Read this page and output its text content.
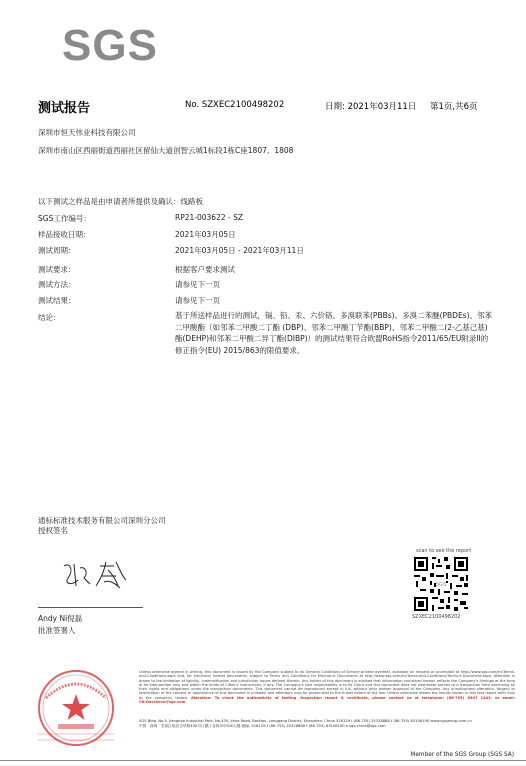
SGS
测试报告	No. SZXEC2100498202	日期: 2021年03月11日 第1页,共6页
深圳市恒天伟业科技有限公司
深圳市南山区西丽街道西丽社区留仙大道创智云城1标段1栋C座1807、1808
以下测试之样品是由申请者所提供及确认：线路板
SGS工作编号：	RP21-003622 - SZ
样品接收日期：	2021年03月05日
测试周期：	2021年03月05日 - 2021年03月11日
测试要求：	根据客户要求测试
测试方法：	请参见下一页
测试结果：	请参见下一页
结论：	基于所送样品进行的测试，镉、铅、汞、六价铬、多溴联苯(PBBs)、多溴二苯醚(PBDEs)、邻苯二甲酸酯（如邻苯二甲酸二丁酯 (DBP)、邻苯二甲酸丁苄酯(BBP)、邻苯二甲酸二(2-乙基己基)酯(DEHP)和邻苯二甲酸二异丁酯(DIBP)）的测试结果符合欧盟RoHS指令2011/65/EU附录II的修正指令(EU) 2015/863的限值要求。
通标标准技术服务有限公司深圳分公司
授权签名
Andy Ni倪磊
批准签署人
scan to see the report
SGS
SZXEC2100498202
Unless otherwise agreed in writing, this document is issued by the Company subject to its General Conditions of Service printed overleaf, available on request or accessible at http://www.sgs.com/en/Terms-and-Conditions.aspx and, for electronic format documents, subject to Terms and Conditions for Electronic Documents at http://www.sgs.com/en/Terms-and-Conditions/Terms-e-Document.aspx. Attention is drawn to the limitation of liability, indemnification and jurisdiction issues defined therein. Any holder of this document is advised that information contained hereon reflects the Company's findings at the time of its intervention only and within the limits of Client's instructions, if any. The Company's sole responsibility is to its Client and this document does not exonerate parties to a transaction from exercising all their rights and obligations under the transaction documents. This document cannot be reproduced except in full, without prior written approval of the Company. Any unauthorized alteration, forgery or falsification of the content or appearance of this document is unlawful and offenders may be prosecuted to the fullest extent of the law. Unless otherwise stated the results shown in this test report refer only to the sample(s) tested. Attention: To check the authenticity of testing /inspection report & certificate, please contact us at telephone: (86-755) 8307 1443, or email: CN.Doccheck@sgs.com
SGS Bldg. No.4, Jianghao Industrial Park, No.430, Jihua Road, Bantian, Longgang District, Shenzhen, China 518129 t (86-755) 25328888 f (86-755) 83106190 www.sgsgroup.com.cn
中国 · 深圳 · 龙岗区坂田吉华路430号江灏工业园4号SGS大楼 邮编: 518129 t (86-755) 25328888 f (86-755) 83106190 e sgs.china@sgs.com
Member of the SGS Group (SGS SA)
